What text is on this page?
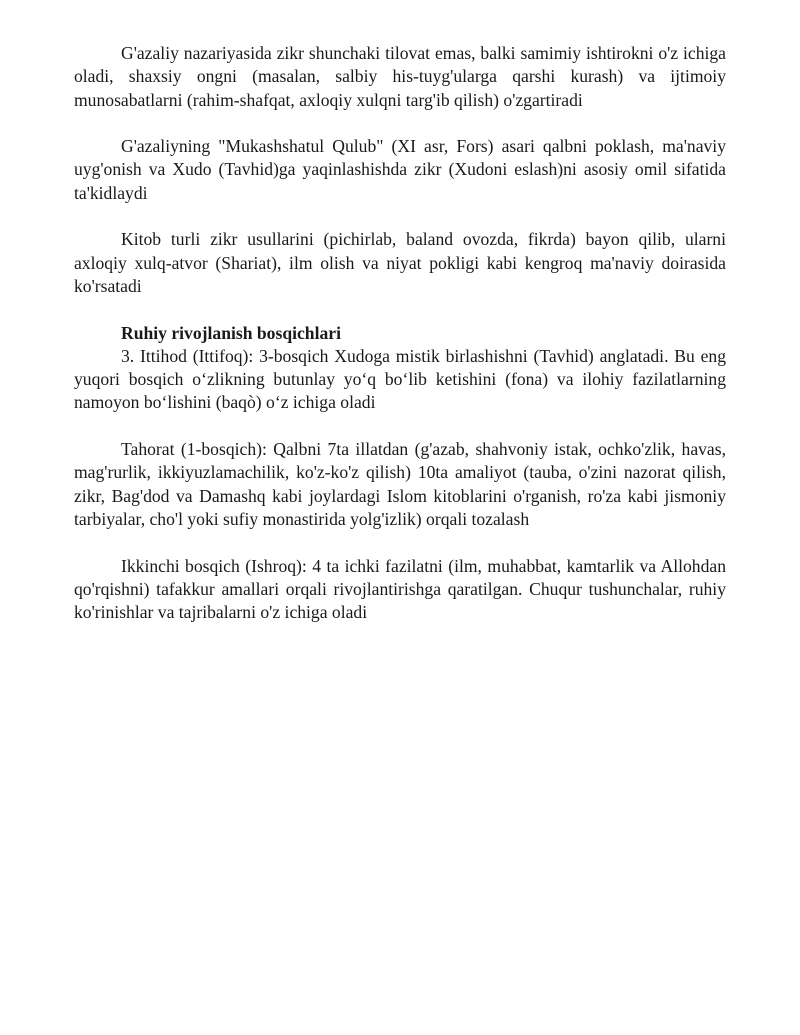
G'azaliy nazariyasida zikr shunchaki tilovat emas, balki samimiy ishtirokni o'z ichiga oladi, shaxsiy ongni (masalan, salbiy his-tuyg'ularga qarshi kurash) va ijtimoiy munosabatlarni (rahim-shafqat, axloqiy xulqni targ'ib qilish) o'zgartiradi

G'azaliyning "Mukashshatul Qulub" (XI asr, Fors) asari qalbni poklash, ma'naviy uyg'onish va Xudo (Tavhid)ga yaqinlashishda zikr (Xudoni eslash)ni asosiy omil sifatida ta'kidlaydi

Kitob turli zikr usullarini (pichirlab, baland ovozda, fikrda) bayon qilib, ularni axloqiy xulq-atvor (Shariat), ilm olish va niyat pokligi kabi kengroq ma'naviy doirasida ko'rsatadi

Ruhiy rivojlanish bosqichlari

3. Ittihod (Ittifoq): 3-bosqich Xudoga mistik birlashishni (Tavhid) anglatadi. Bu eng yuqori bosqich o‘zlikning butunlay yo‘q bo‘lib ketishini (fona) va ilohiy fazilatlarning namoyon bo‘lishini (baqò) o‘z ichiga oladi

Tahorat (1-bosqich): Qalbni 7ta illatdan (g'azab, shahvoniy istak, ochko'zlik, havas, mag'rurlik, ikkiyuzlamachilik, ko'z-ko'z qilish) 10ta amaliyot (tauba, o'zini nazorat qilish, zikr, Bag'dod va Damashq kabi joylardagi Islom kitoblarini o'rganish, ro'za kabi jismoniy tarbiyalar, cho'l yoki sufiy monastirida yolg'izlik) orqali tozalash

Ikkinchi bosqich (Ishroq): 4 ta ichki fazilatni (ilm, muhabbat, kamtarlik va Allohdan qo'rqishni) tafakkur amallari orqali rivojlantirishga qaratilgan. Chuqur tushunchalar, ruhiy ko'rinishlar va tajribalarni o'z ichiga oladi
